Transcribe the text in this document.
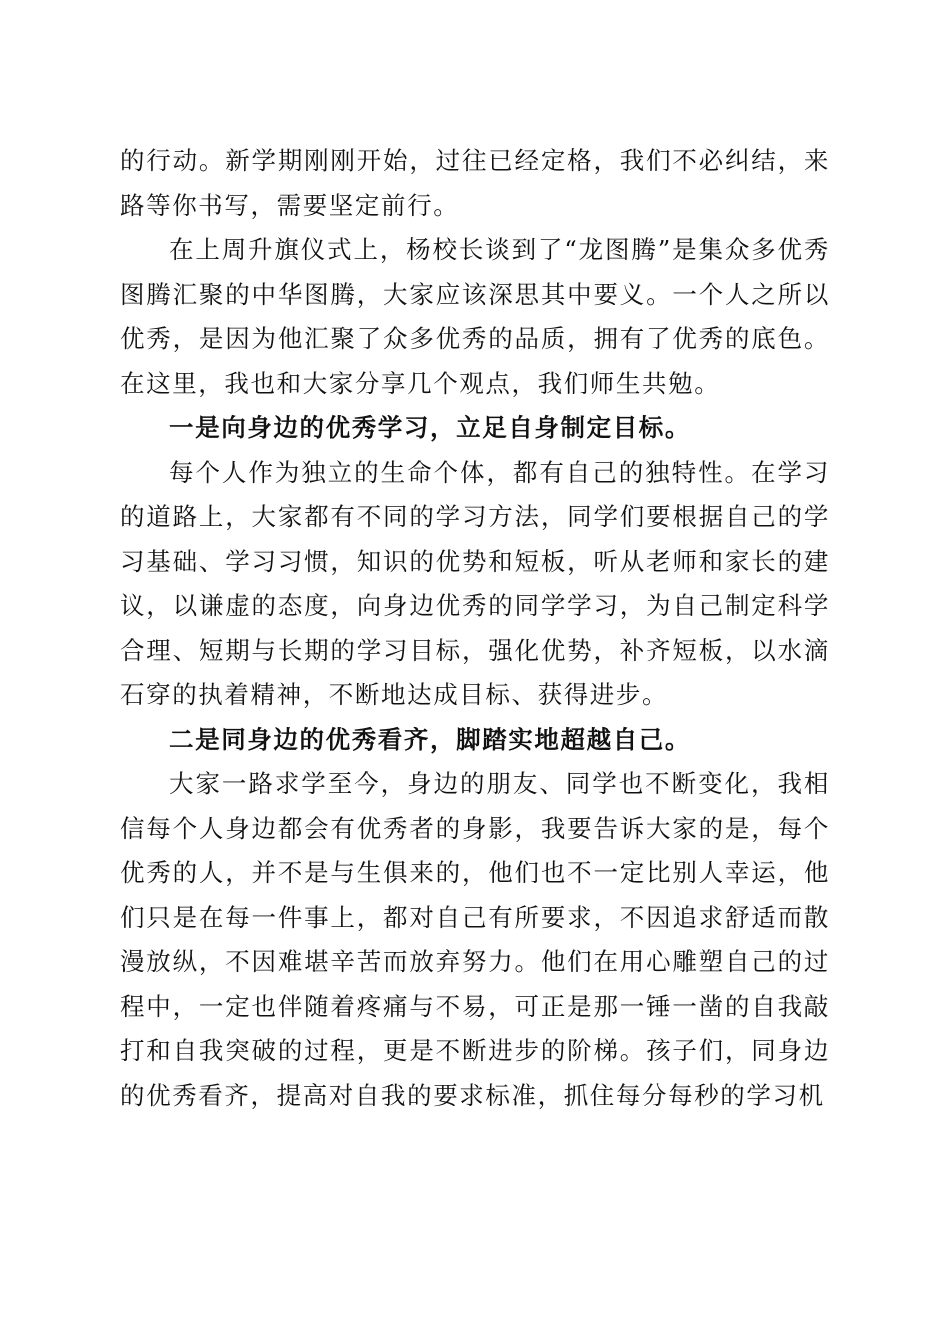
的行动。新学期刚刚开始，过往已经定格，我们不必纠结，来路等你书写，需要坚定前行。

在上周升旗仪式上，杨校长谈到了“龙图腾”是集众多优秀图腾汇聚的中华图腾，大家应该深思其中要义。一个人之所以优秀，是因为他汇聚了众多优秀的品质，拥有了优秀的底色。在这里，我也和大家分享几个观点，我们师生共勉。

一是向身边的优秀学习，立足自身制定目标。

每个人作为独立的生命个体，都有自己的独特性。在学习的道路上，大家都有不同的学习方法，同学们要根据自己的学习基础、学习习惯，知识的优势和短板，听从老师和家长的建议，以谦虚的态度，向身边优秀的同学学习，为自己制定科学合理、短期与长期的学习目标，强化优势，补齐短板，以水滴石穿的执着精神，不断地达成目标、获得进步。

二是同身边的优秀看齐，脚踏实地超越自己。

大家一路求学至今，身边的朋友、同学也不断变化，我相信每个人身边都会有优秀者的身影，我要告诉大家的是，每个优秀的人，并不是与生俱来的，他们也不一定比别人幸运，他们只是在每一件事上，都对自己有所要求，不因追求舒适而散漫放纵，不因难堪辛苦而放弃努力。他们在用心雕塑自己的过程中，一定也伴随着疼痛与不易，可正是那一锤一凿的自我敲打和自我突破的过程，更是不断进步的阶梯。孩子们，同身边的优秀看齐，提高对自我的要求标准，抓住每分每秒的学习机
